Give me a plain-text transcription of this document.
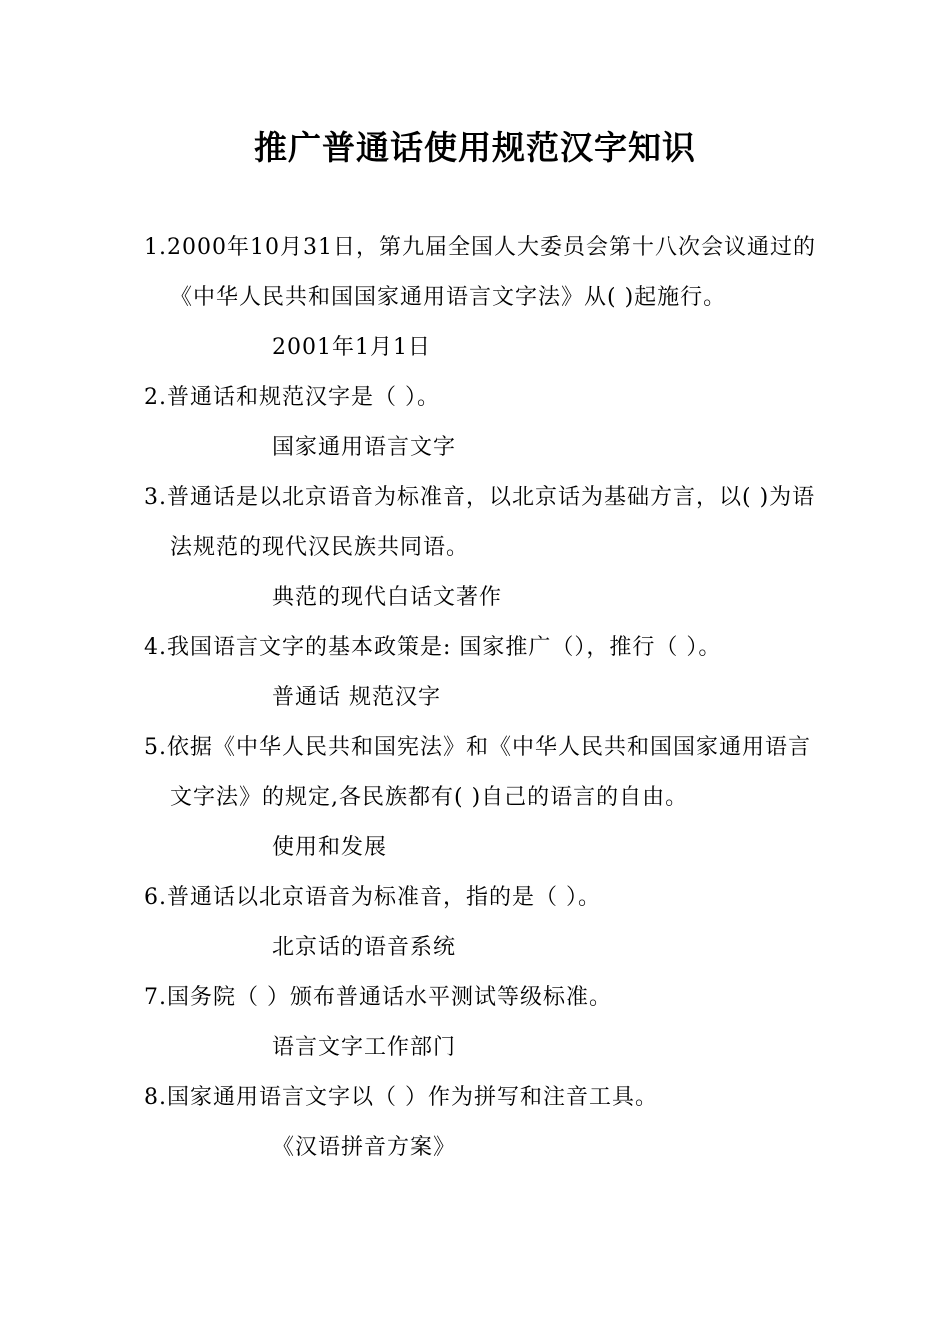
推广普通话使用规范汉字知识
1.2000年10月31日，第九届全国人大委员会第十八次会议通过的《中华人民共和国国家通用语言文字法》从( )起施行。
2001年1月1日
2.普通话和规范汉字是（ ）。
国家通用语言文字
3.普通话是以北京语音为标准音，以北京话为基础方言，以( )为语法规范的现代汉民族共同语。
典范的现代白话文著作
4.我国语言文字的基本政策是: 国家推广（），推行（ ）。
普通话 规范汉字
5.依据《中华人民共和国宪法》和《中华人民共和国国家通用语言文字法》的规定,各民族都有( )自己的语言的自由。
使用和发展
6.普通话以北京语音为标准音，指的是（ ）。
北京话的语音系统
7.国务院（ ）颁布普通话水平测试等级标准。
语言文字工作部门
8.国家通用语言文字以（ ）作为拼写和注音工具。
《汉语拼音方案》
